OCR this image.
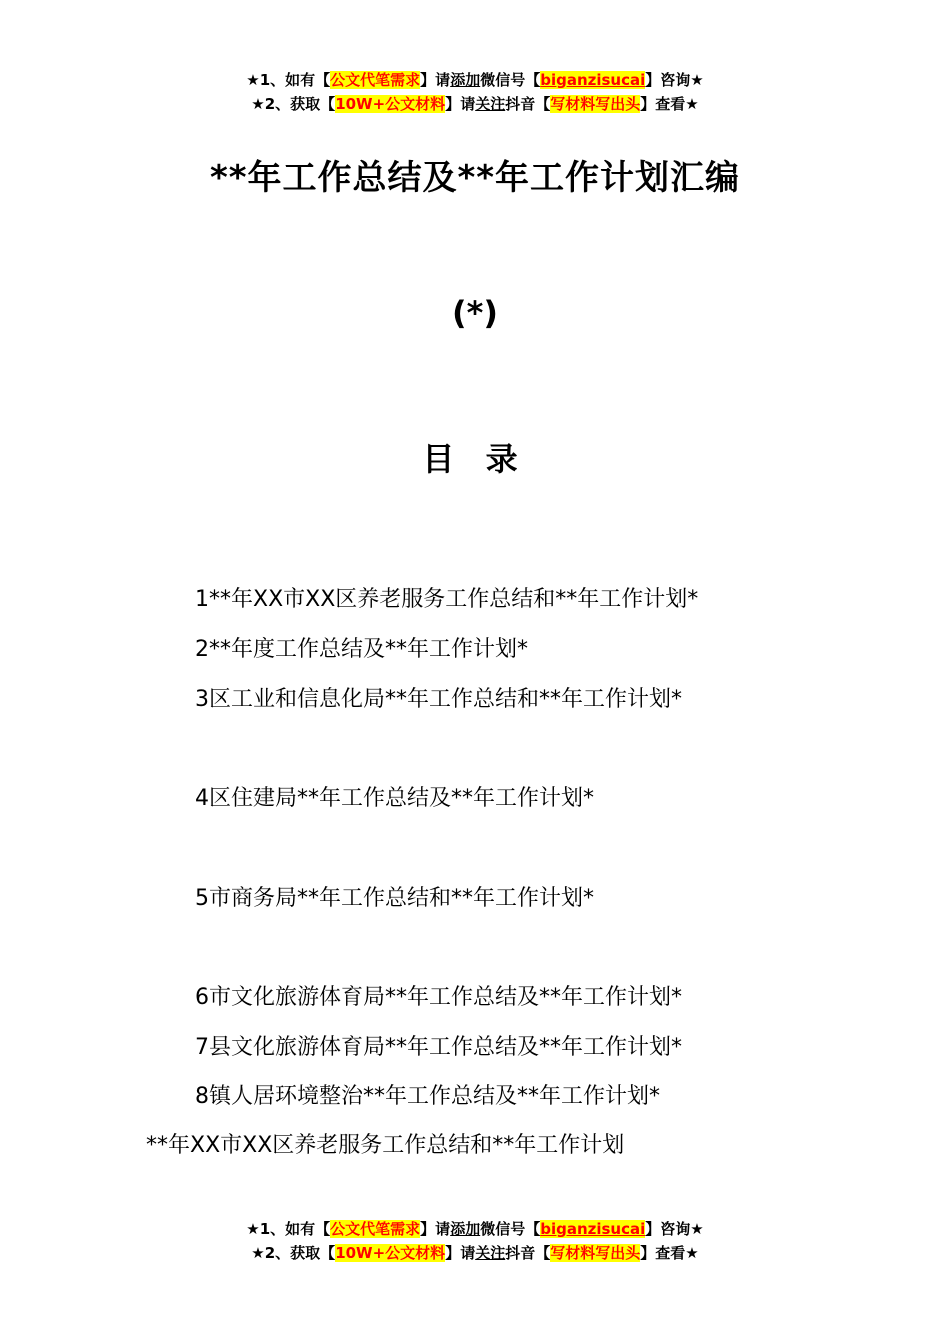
★1、如有【公文代笔需求】请添加微信号【biganzisucai】咨询★
★2、获取【10W+公文材料】请关注抖音【写材料写出头】查看★
**年工作总结及**年工作计划汇编
(*)
目 录
1**年XX市XX区养老服务工作总结和**年工作计划*
2**年度工作总结及**年工作计划*
3区工业和信息化局**年工作总结和**年工作计划*
4区住建局**年工作总结及**年工作计划*
5市商务局**年工作总结和**年工作计划*
6市文化旅游体育局**年工作总结及**年工作计划*
7县文化旅游体育局**年工作总结及**年工作计划*
8镇人居环境整治**年工作总结及**年工作计划*
**年XX市XX区养老服务工作总结和**年工作计划
★1、如有【公文代笔需求】请添加微信号【biganzisucai】咨询★
★2、获取【10W+公文材料】请关注抖音【写材料写出头】查看★
